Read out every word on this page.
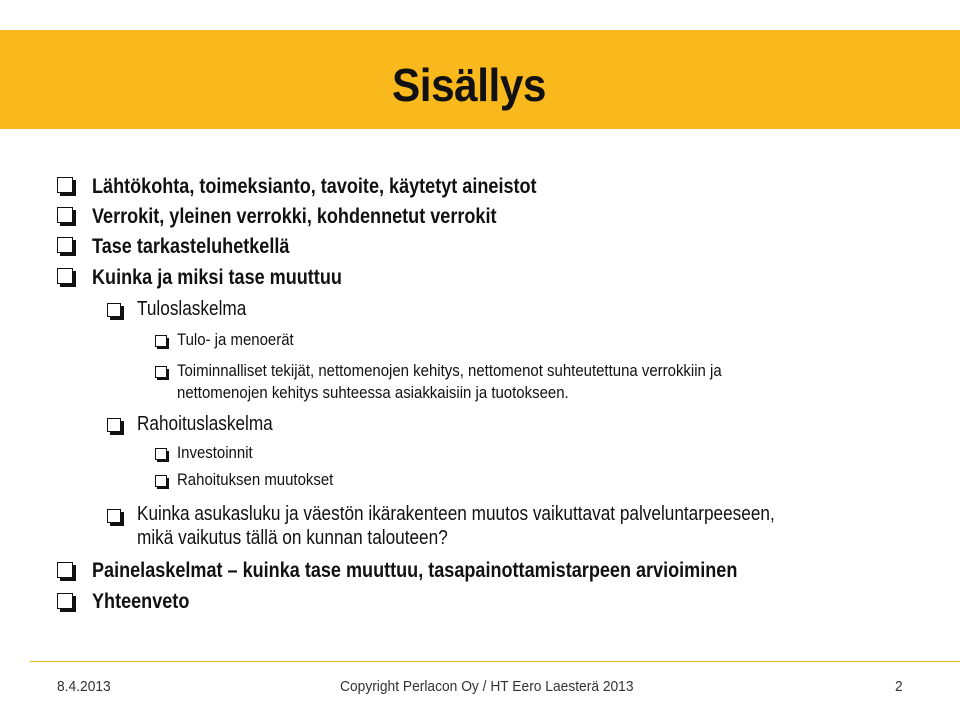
Sisällys
Lähtökohta, toimeksianto, tavoite, käytetyt aineistot
Verrokit, yleinen verrokki, kohdennetut verrokit
Tase tarkasteluhetkellä
Kuinka ja miksi tase muuttuu
Tuloslaskelma
Tulo- ja menoerät
Toiminnalliset tekijät, nettomenojen kehitys, nettomenot suhteutettuna verrokkiin ja
nettomenojen kehitys suhteessa asiakkaisiin ja tuotokseen.
Rahoituslaskelma
Investoinnit
Rahoituksen muutokset
Kuinka asukasluku ja väestön ikärakenteen muutos vaikuttavat palveluntarpeeseen,
mikä vaikutus tällä on kunnan talouteen?
Painelaskelmat – kuinka tase muuttuu, tasapainottamistarpeen arvioiminen
Yhteenveto
8.4.2013	Copyright Perlacon Oy / HT Eero Laesterä 2013	2
